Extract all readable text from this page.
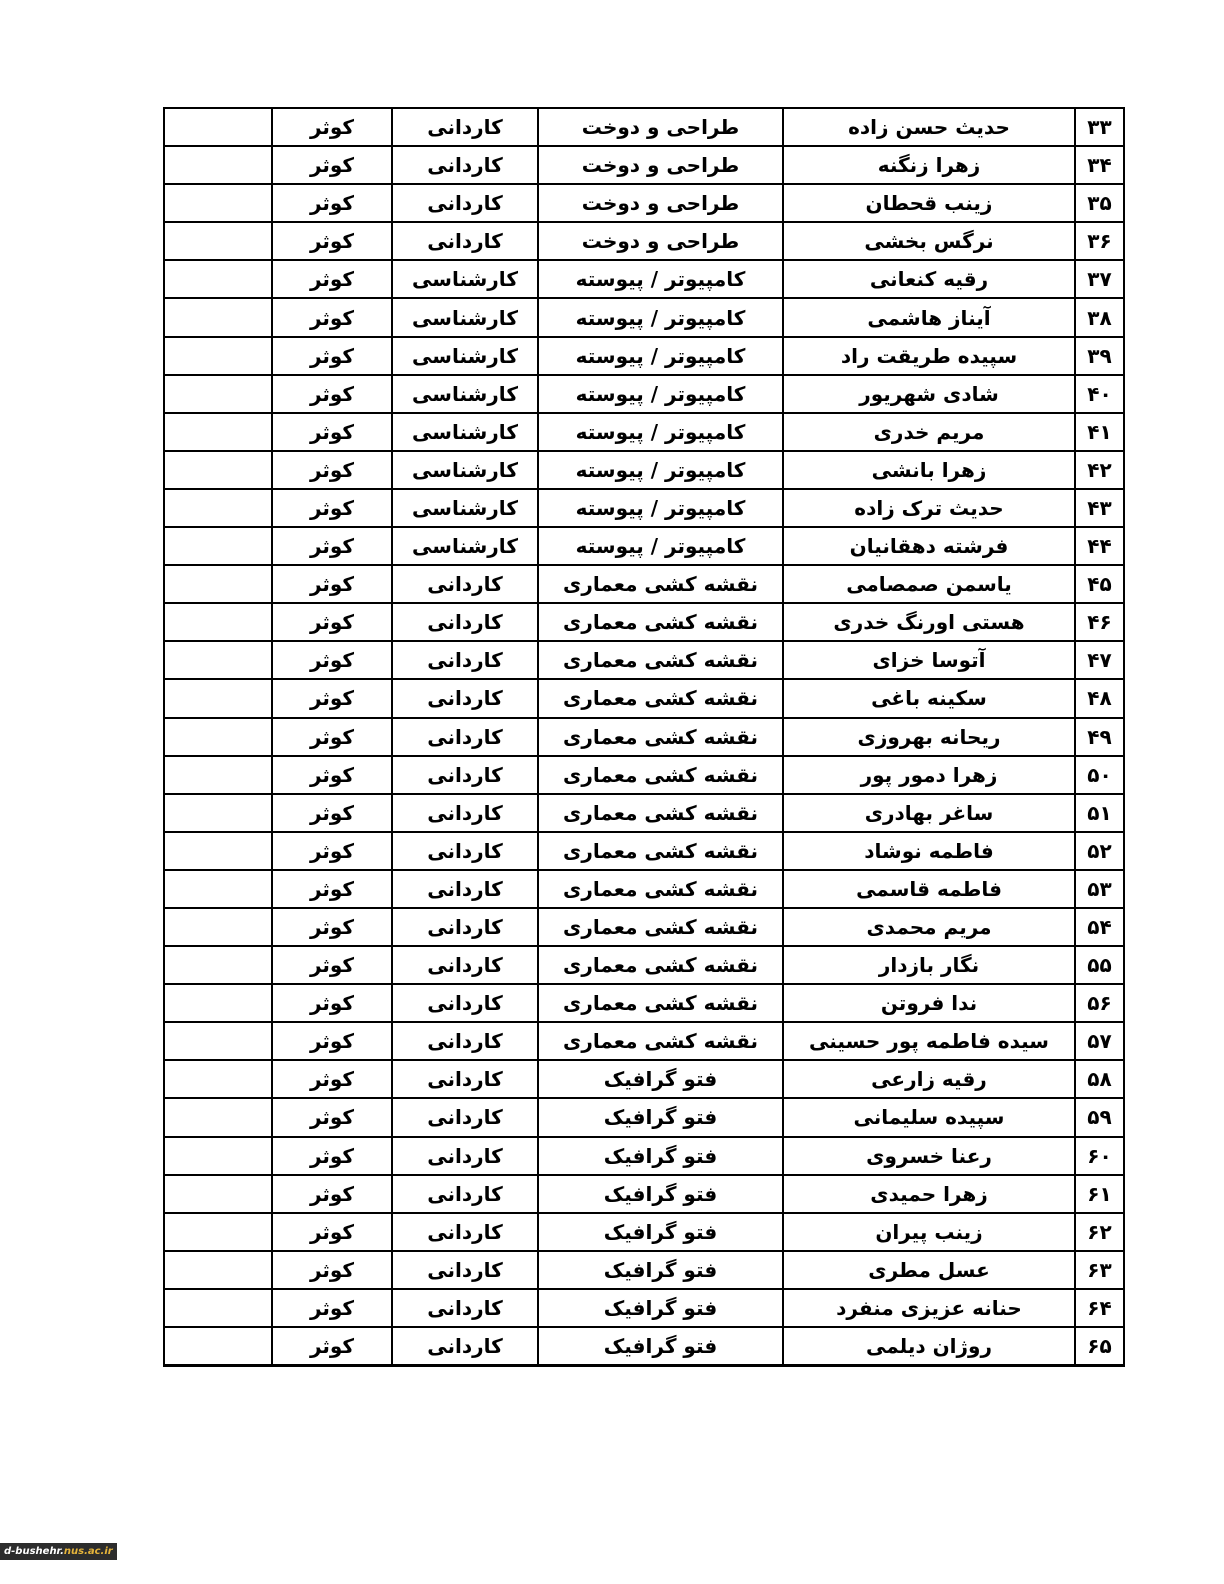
۳۳	حدیث حسن زاده	طراحی و دوخت	کاردانی	کوثر	
۳۴	زهرا زنگنه	طراحی و دوخت	کاردانی	کوثر	
۳۵	زینب قحطان	طراحی و دوخت	کاردانی	کوثر	
۳۶	نرگس بخشی	طراحی و دوخت	کاردانی	کوثر	
۳۷	رقیه کنعانی	کامپیوتر / پیوسته	کارشناسی	کوثر	
۳۸	آیناز هاشمی	کامپیوتر / پیوسته	کارشناسی	کوثر	
۳۹	سپیده طریقت راد	کامپیوتر / پیوسته	کارشناسی	کوثر	
۴۰	شادی شهریور	کامپیوتر / پیوسته	کارشناسی	کوثر	
۴۱	مریم خدری	کامپیوتر / پیوسته	کارشناسی	کوثر	
۴۲	زهرا بانشی	کامپیوتر / پیوسته	کارشناسی	کوثر	
۴۳	حدیث ترک زاده	کامپیوتر / پیوسته	کارشناسی	کوثر	
۴۴	فرشته دهقانیان	کامپیوتر / پیوسته	کارشناسی	کوثر	
۴۵	یاسمن صمصامی	نقشه کشی معماری	کاردانی	کوثر	
۴۶	هستی اورنگ خدری	نقشه کشی معماری	کاردانی	کوثر	
۴۷	آتوسا خزای	نقشه کشی معماری	کاردانی	کوثر	
۴۸	سکینه باغی	نقشه کشی معماری	کاردانی	کوثر	
۴۹	ریحانه بهروزی	نقشه کشی معماری	کاردانی	کوثر	
۵۰	زهرا دمور پور	نقشه کشی معماری	کاردانی	کوثر	
۵۱	ساغر بهادری	نقشه کشی معماری	کاردانی	کوثر	
۵۲	فاطمه نوشاد	نقشه کشی معماری	کاردانی	کوثر	
۵۳	فاطمه قاسمی	نقشه کشی معماری	کاردانی	کوثر	
۵۴	مریم محمدی	نقشه کشی معماری	کاردانی	کوثر	
۵۵	نگار بازدار	نقشه کشی معماری	کاردانی	کوثر	
۵۶	ندا فروتن	نقشه کشی معماری	کاردانی	کوثر	
۵۷	سیده فاطمه پور حسینی	نقشه کشی معماری	کاردانی	کوثر	
۵۸	رقیه زارعی	فتو گرافیک	کاردانی	کوثر	
۵۹	سپیده سلیمانی	فتو گرافیک	کاردانی	کوثر	
۶۰	رعنا خسروی	فتو گرافیک	کاردانی	کوثر	
۶۱	زهرا حمیدی	فتو گرافیک	کاردانی	کوثر	
۶۲	زینب پیران	فتو گرافیک	کاردانی	کوثر	
۶۳	عسل مطری	فتو گرافیک	کاردانی	کوثر	
۶۴	حنانه عزیزی منفرد	فتو گرافیک	کاردانی	کوثر	
۶۵	روژان دیلمی	فتو گرافیک	کاردانی	کوثر	
d-bushehr.nus.ac.ir
